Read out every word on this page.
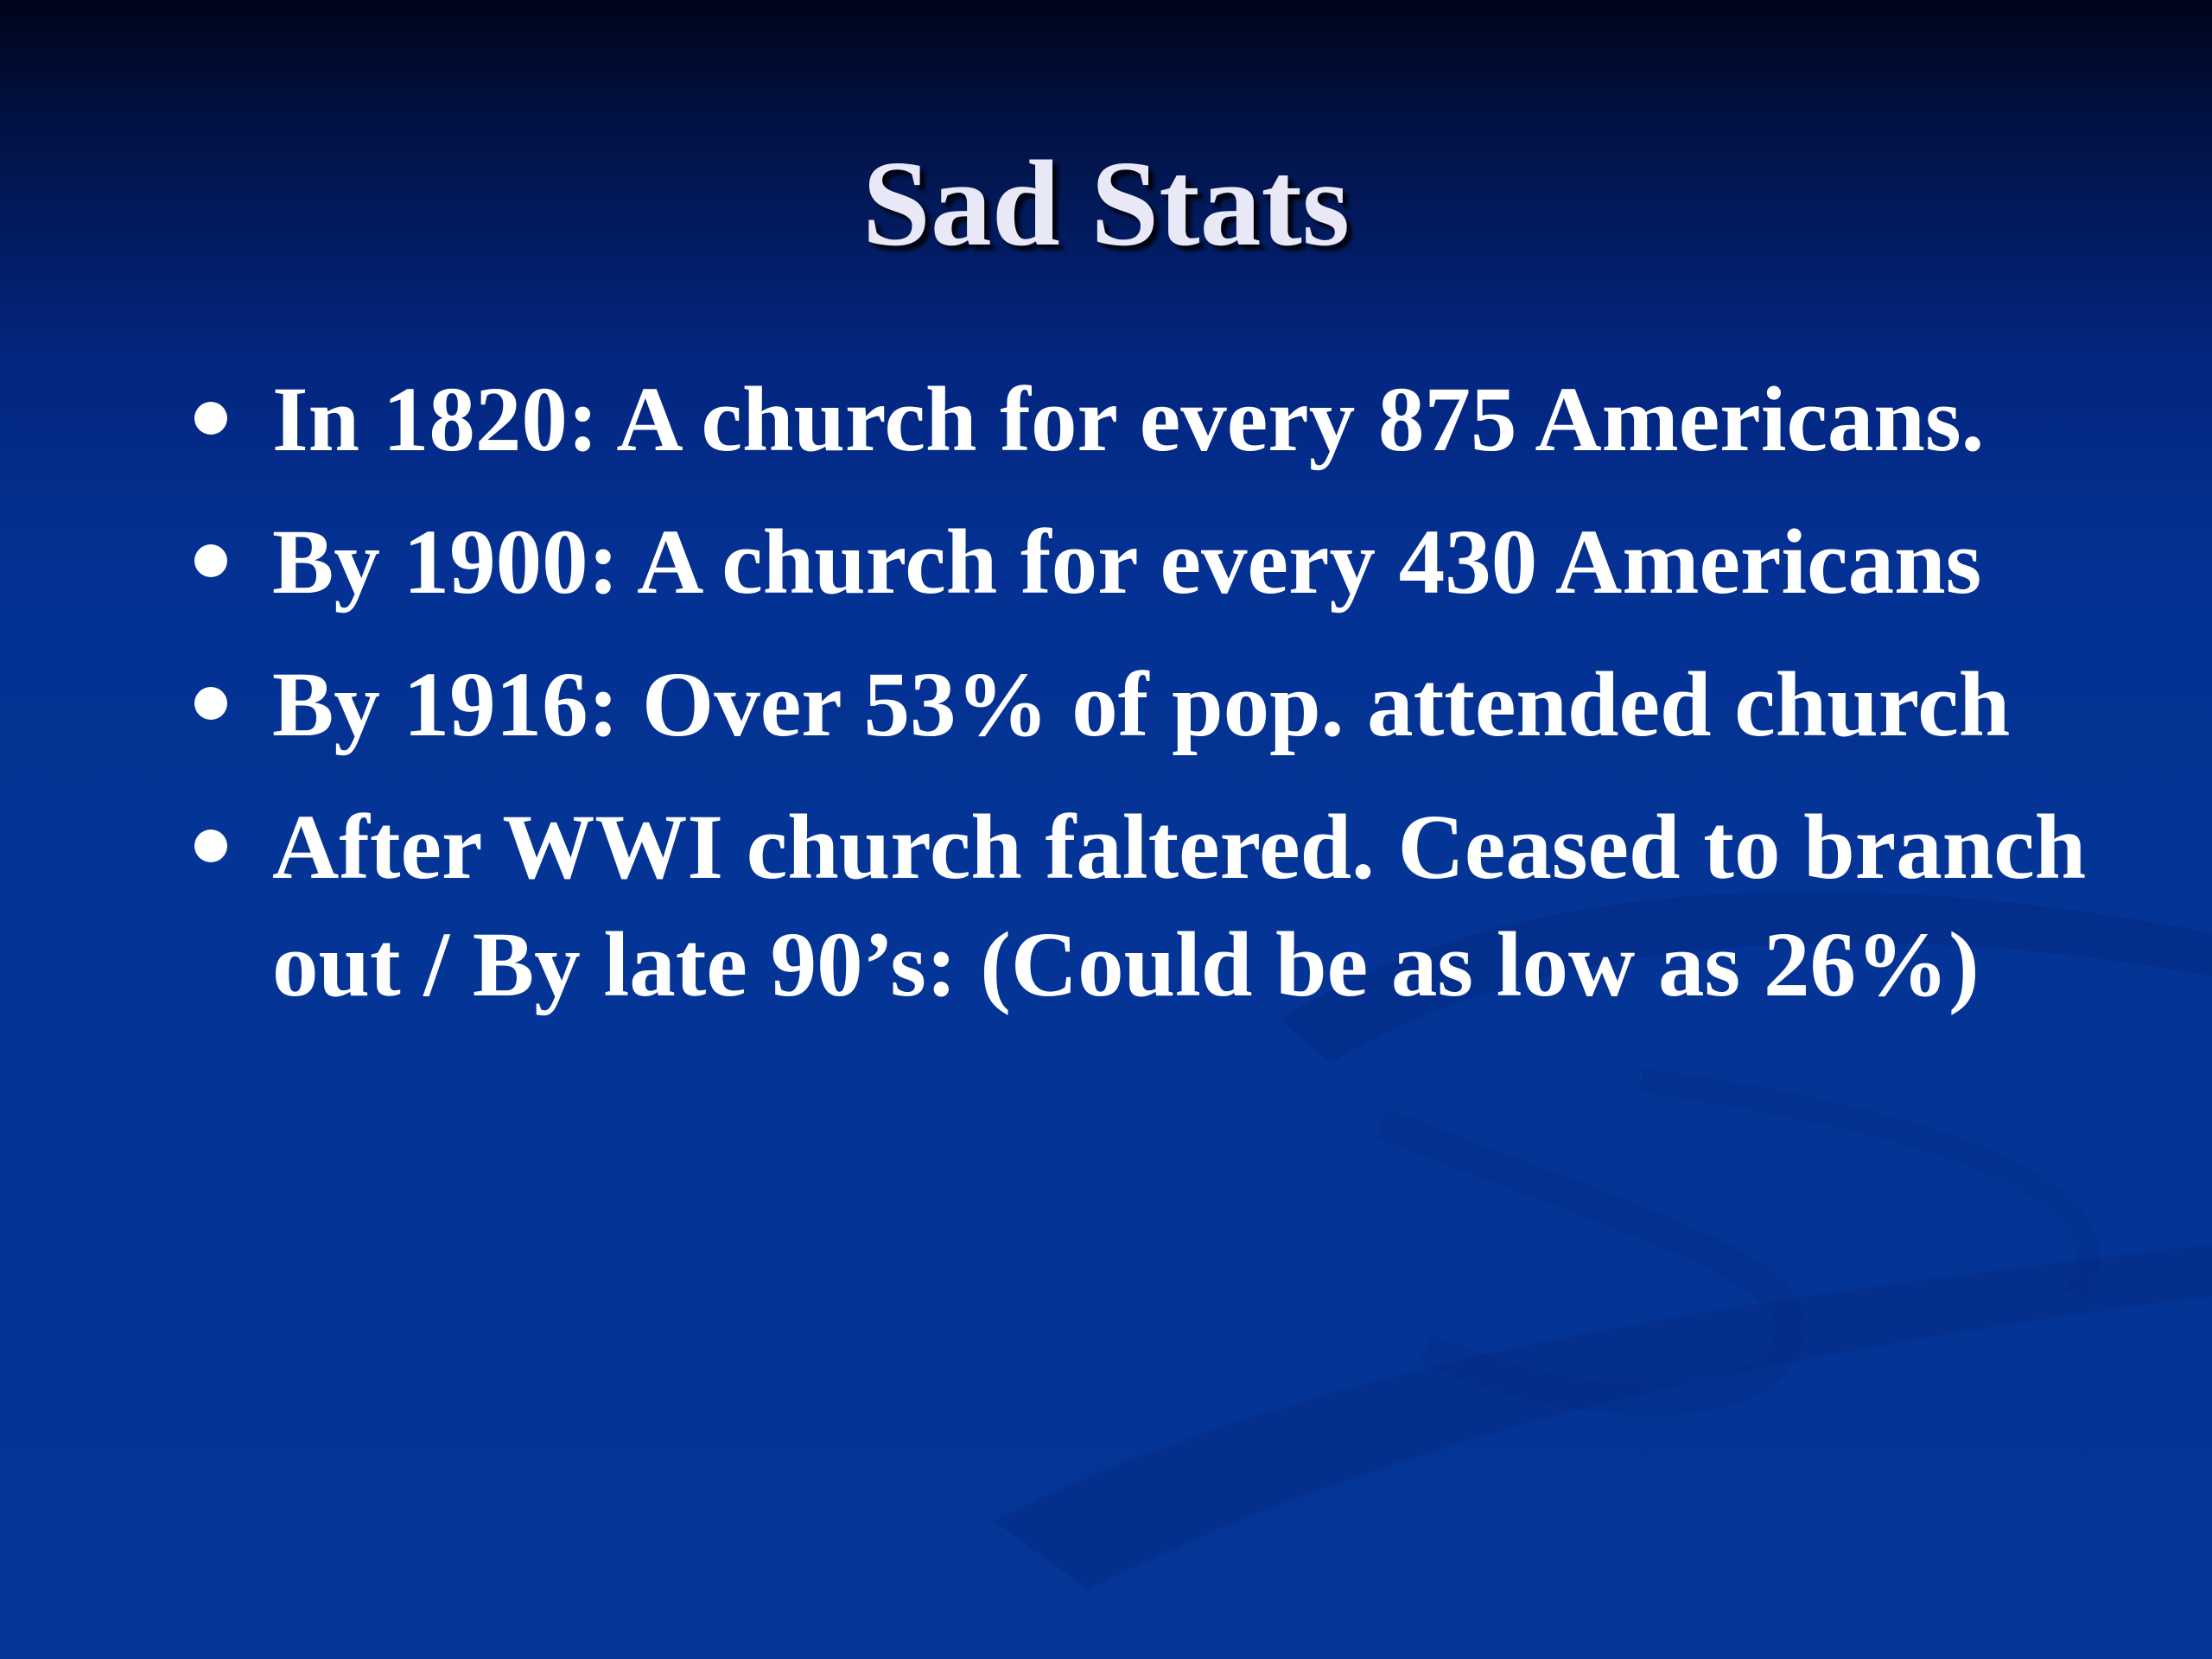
Sad Stats
In 1820: A church for every 875 Americans.
By 1900: A church for every 430 Americans
By 1916: Over 53% of pop. attended church
After WWI church faltered. Ceased to branch out / By late 90’s: (Could be as low as 26%)
